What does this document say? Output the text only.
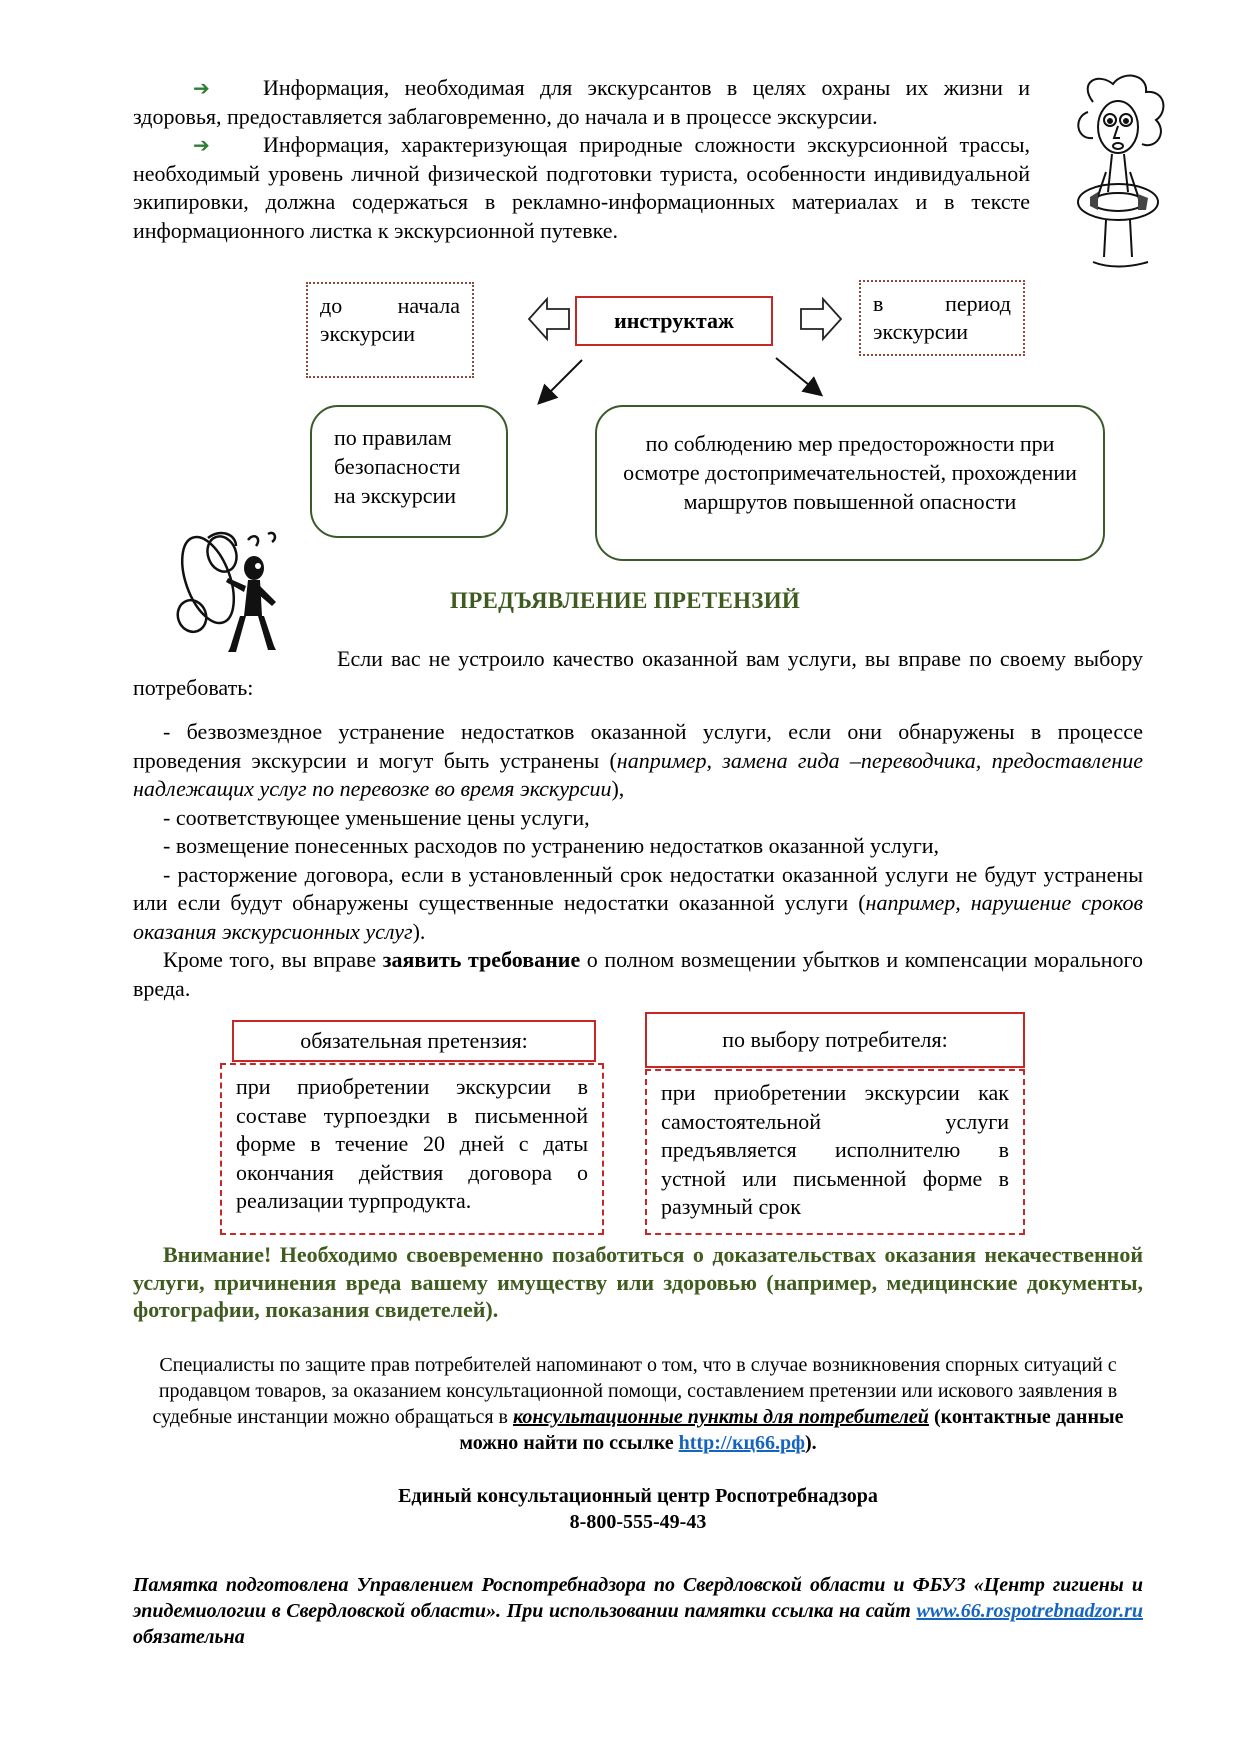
➔ Информация, необходимая для экскурсантов в целях охраны их жизни и здоровья, предоставляется заблаговременно, до начала и в процессе экскурсии.
➔ Информация, характеризующая природные сложности экскурсионной трассы, необходимый уровень личной физической подготовки туриста, особенности индивидуальной экипировки, должна содержаться в рекламно-информационных материалах и в тексте информационного листка к экскурсионной путевке.
до начала экскурсии
инструктаж
в период экскурсии
по правилам безопасности на экскурсии
по соблюдению мер предосторожности при осмотре достопримечательностей, прохождении маршрутов повышенной опасности
ПРЕДЪЯВЛЕНИЕ ПРЕТЕНЗИЙ
Если вас не устроило качество оказанной вам услуги, вы вправе по своему выбору потребовать:
- безвозмездное устранение недостатков оказанной услуги, если они обнаружены в процессе проведения экскурсии и могут быть устранены (например, замена гида –переводчика, предоставление надлежащих услуг по перевозке во время экскурсии),
- соответствующее уменьшение цены услуги,
- возмещение понесенных расходов по устранению недостатков оказанной услуги,
- расторжение договора, если в установленный срок недостатки оказанной услуги не будут устранены или если будут обнаружены существенные недостатки оказанной услуги (например, нарушение сроков оказания экскурсионных услуг).
Кроме того, вы вправе заявить требование о полном возмещении убытков и компенсации морального вреда.
обязательная претензия:
при приобретении экскурсии в составе турпоездки в письменной форме в течение 20 дней с даты окончания действия договора о реализации турпродукта.
по выбору потребителя:
при приобретении экскурсии как самостоятельной услуги предъявляется исполнителю в устной или письменной форме в разумный срок
Внимание! Необходимо своевременно позаботиться о доказательствах оказания некачественной услуги, причинения вреда вашему имуществу или здоровью (например, медицинские документы, фотографии, показания свидетелей).
Специалисты по защите прав потребителей напоминают о том, что в случае возникновения спорных ситуаций с продавцом товаров, за оказанием консультационной помощи, составлением претензии или искового заявления в судебные инстанции можно обращаться в консультационные пункты для потребителей (контактные данные можно найти по ссылке http://кц66.рф).
Единый консультационный центр Роспотребнадзора
8-800-555-49-43
Памятка подготовлена Управлением Роспотребнадзора по Свердловской области и ФБУЗ «Центр гигиены и эпидемиологии в Свердловской области». При использовании памятки ссылка на сайт www.66.rospotrebnadzor.ru обязательна
